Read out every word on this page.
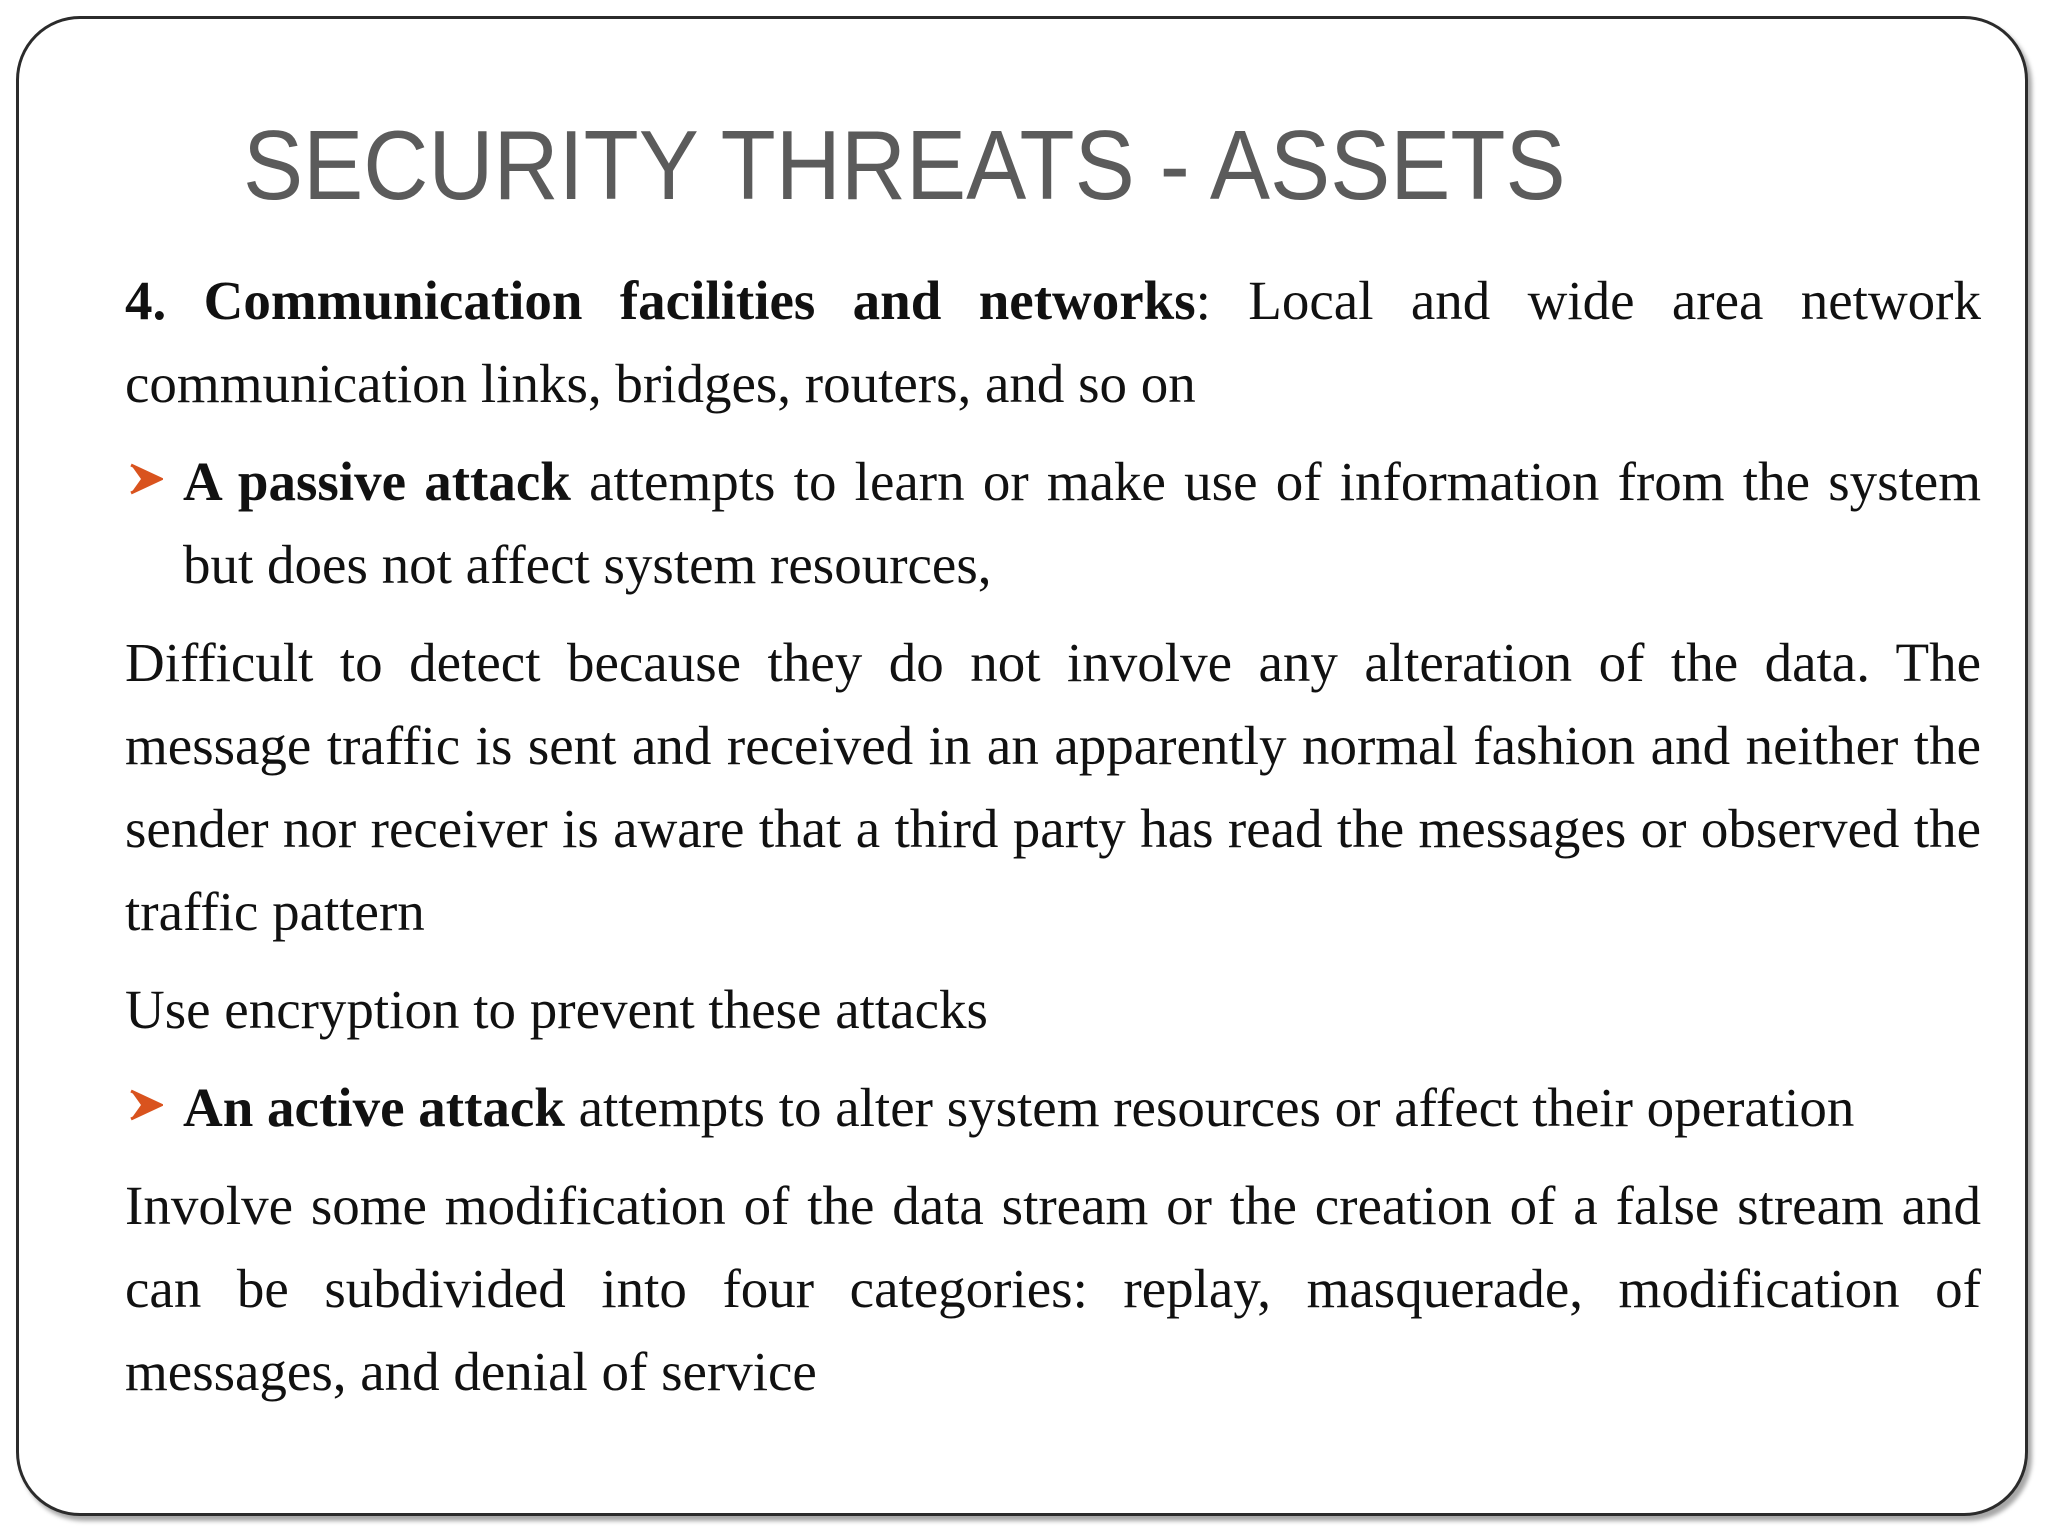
SECURITY THREATS - ASSETS

4. Communication facilities and networks: Local and wide area network communication links, bridges, routers, and so on

A passive attack attempts to learn or make use of information from the system but does not affect system resources,

Difficult to detect because they do not involve any alteration of the data. The message traffic is sent and received in an apparently normal fashion and neither the sender nor receiver is aware that a third party has read the messages or observed the traffic pattern

Use encryption to prevent these attacks

An active attack attempts to alter system resources or affect their operation

Involve some modification of the data stream or the creation of a false stream and can be subdivided into four categories: replay, masquerade, modification of messages, and denial of service
